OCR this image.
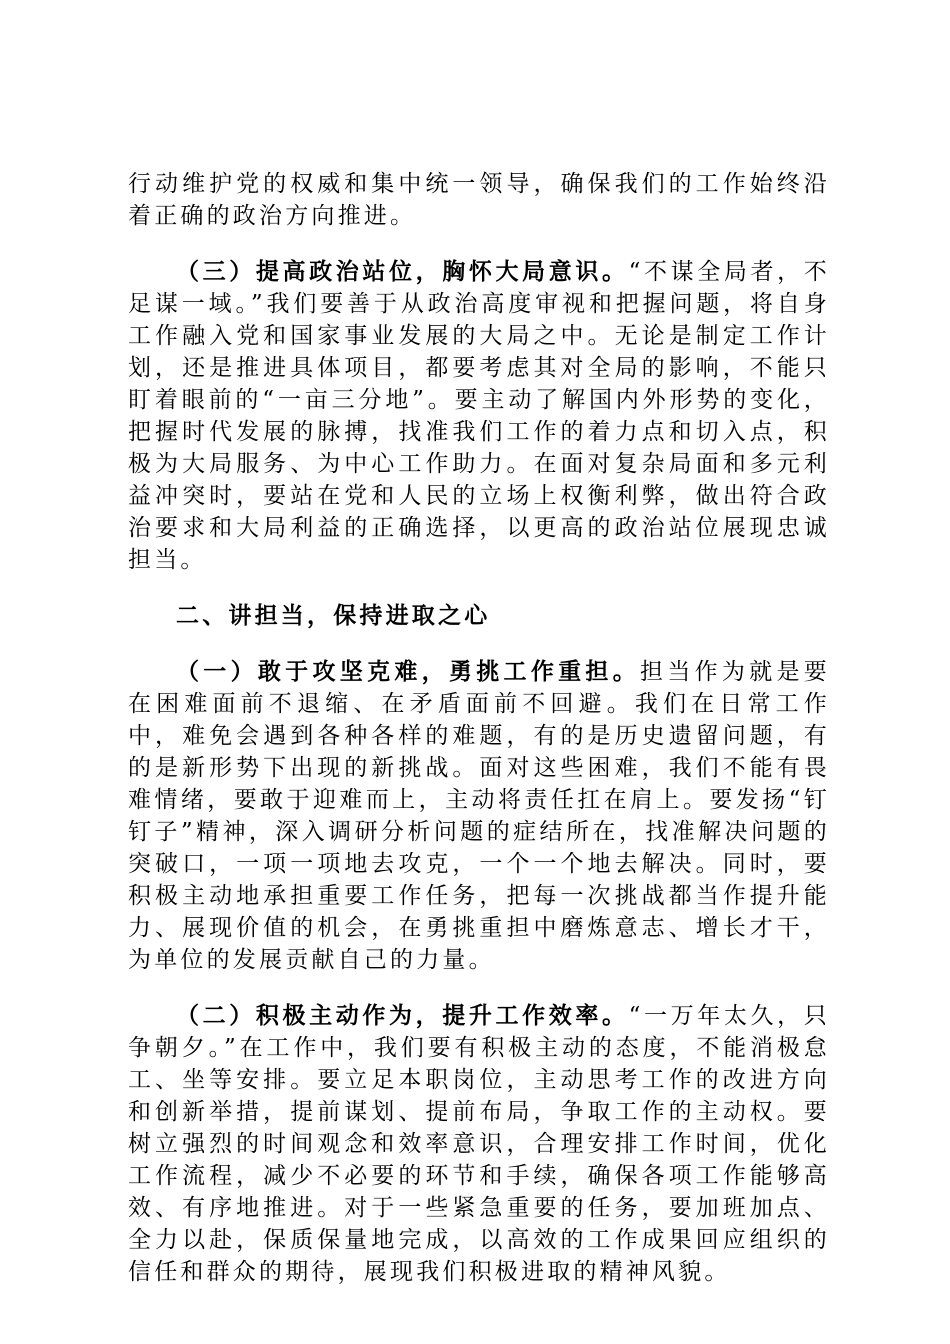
行动维护党的权威和集中统一领导，确保我们的工作始终沿着正确的政治方向推进。

（三）提高政治站位，胸怀大局意识。“不谋全局者，不足谋一域。”我们要善于从政治高度审视和把握问题，将自身工作融入党和国家事业发展的大局之中。无论是制定工作计划，还是推进具体项目，都要考虑其对全局的影响，不能只盯着眼前的“一亩三分地”。要主动了解国内外形势的变化，把握时代发展的脉搏，找准我们工作的着力点和切入点，积极为大局服务、为中心工作助力。在面对复杂局面和多元利益冲突时，要站在党和人民的立场上权衡利弊，做出符合政治要求和大局利益的正确选择，以更高的政治站位展现忠诚担当。

二、讲担当，保持进取之心

（一）敢于攻坚克难，勇挑工作重担。担当作为就是要在困难面前不退缩、在矛盾面前不回避。我们在日常工作中，难免会遇到各种各样的难题，有的是历史遗留问题，有的是新形势下出现的新挑战。面对这些困难，我们不能有畏难情绪，要敢于迎难而上，主动将责任扛在肩上。要发扬“钉钉子”精神，深入调研分析问题的症结所在，找准解决问题的突破口，一项一项地去攻克，一个一个地去解决。同时，要积极主动地承担重要工作任务，把每一次挑战都当作提升能力、展现价值的机会，在勇挑重担中磨炼意志、增长才干，为单位的发展贡献自己的力量。

（二）积极主动作为，提升工作效率。“一万年太久，只争朝夕。”在工作中，我们要有积极主动的态度，不能消极怠工、坐等安排。要立足本职岗位，主动思考工作的改进方向和创新举措，提前谋划、提前布局，争取工作的主动权。要树立强烈的时间观念和效率意识，合理安排工作时间，优化工作流程，减少不必要的环节和手续，确保各项工作能够高效、有序地推进。对于一些紧急重要的任务，要加班加点、全力以赴，保质保量地完成，以高效的工作成果回应组织的信任和群众的期待，展现我们积极进取的精神风貌。
